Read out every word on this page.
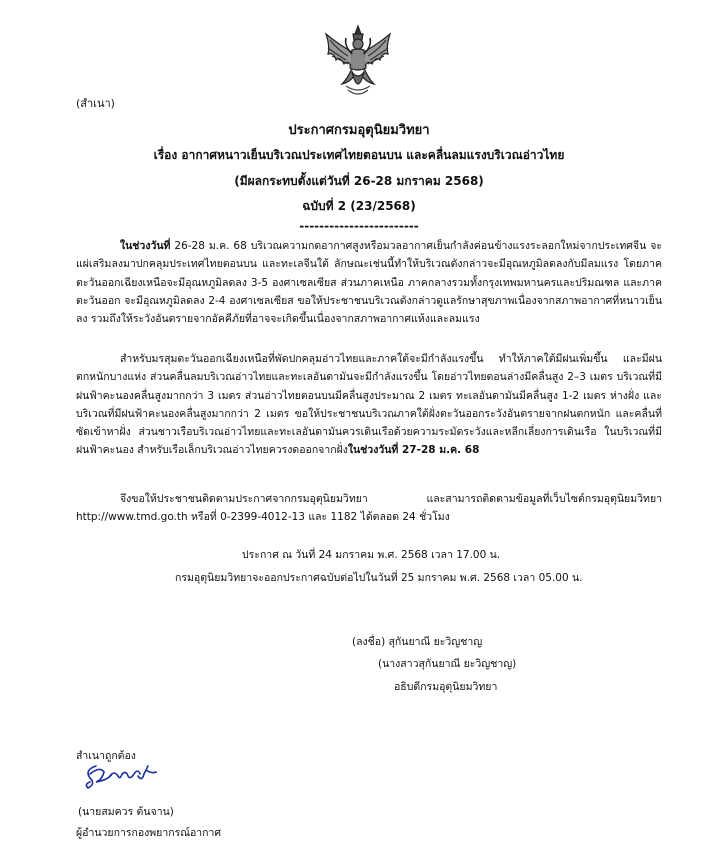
(สำเนา)
ประกาศกรมอุตุนิยมวิทยา
เรื่อง อากาศหนาวเย็นบริเวณประเทศไทยตอนบน และคลื่นลมแรงบริเวณอ่าวไทย
(มีผลกระทบตั้งแต่วันที่ 26-28 มกราคม 2568)
ฉบับที่ 2 (23/2568)
------------------------
ในช่วงวันที่ 26-28 ม.ค. 68 บริเวณความกดอากาศสูงหรือมวลอากาศเย็นกำลังค่อนข้างแรงระลอกใหม่จากประเทศจีน จะแผ่เสริมลงมาปกคลุมประเทศไทยตอนบน และทะเลจีนใต้ ลักษณะเช่นนี้ทำให้บริเวณดังกล่าวจะมีอุณหภูมิลดลงกับมีลมแรง โดยภาคตะวันออกเฉียงเหนือจะมีอุณหภูมิลดลง 3-5 องศาเซลเซียส ส่วนภาคเหนือ ภาคกลางรวมทั้งกรุงเทพมหานครและปริมณฑล และภาคตะวันออก จะมีอุณหภูมิลดลง 2-4 องศาเซลเซียส ขอให้ประชาชนบริเวณดังกล่าวดูแลรักษาสุขภาพเนื่องจากสภาพอากาศที่หนาวเย็นลง รวมถึงให้ระวังอันตรายจากอัคคีภัยที่อาจจะเกิดขึ้นเนื่องจากสภาพอากาศแห้งและลมแรง
สำหรับมรสุมตะวันออกเฉียงเหนือที่พัดปกคลุมอ่าวไทยและภาคใต้จะมีกำลังแรงขึ้น ทำให้ภาคใต้มีฝนเพิ่มขึ้น และมีฝนตกหนักบางแห่ง ส่วนคลื่นลมบริเวณอ่าวไทยและทะเลอันดามันจะมีกำลังแรงขึ้น โดยอ่าวไทยตอนล่างมีคลื่นสูง 2–3 เมตร บริเวณที่มีฝนฟ้าคะนองคลื่นสูงมากกว่า 3 เมตร ส่วนอ่าวไทยตอนบนมีคลื่นสูงประมาณ 2 เมตร ทะเลอันดามันมีคลื่นสูง 1-2 เมตร ห่างฝั่ง และบริเวณที่มีฝนฟ้าคะนองคลื่นสูงมากกว่า 2 เมตร ขอให้ประชาชนบริเวณภาคใต้ฝั่งตะวันออกระวังอันตรายจากฝนตกหนัก และคลื่นที่ซัดเข้าหาฝั่ง ส่วนชาวเรือบริเวณอ่าวไทยและทะเลอันดามันควรเดินเรือด้วยความระมัดระวังและหลีกเลี่ยงการเดินเรือ ในบริเวณที่มีฝนฟ้าคะนอง สำหรับเรือเล็กบริเวณอ่าวไทยควรงดออกจากฝั่งในช่วงวันที่ 27-28 ม.ค. 68
จึงขอให้ประชาชนติดตามประกาศจากกรมอุตุนิยมวิทยา และสามารถติดตามข้อมูลที่เว็บไซต์กรมอุตุนิยมวิทยา http://www.tmd.go.th หรือที่ 0-2399-4012-13 และ 1182 ได้ตลอด 24 ชั่วโมง
ประกาศ ณ วันที่ 24 มกราคม พ.ศ. 2568 เวลา 17.00 น.
กรมอุตุนิยมวิทยาจะออกประกาศฉบับต่อไปในวันที่ 25 มกราคม พ.ศ. 2568 เวลา 05.00 น.
(ลงชื่อ) สุกันยาณี ยะวิญชาญ
(นางสาวสุกันยาณี ยะวิญชาญ)
อธิบดีกรมอุตุนิยมวิทยา
สำเนาถูกต้อง
(นายสมควร ต้นจาน)
ผู้อำนวยการกองพยากรณ์อากาศ
